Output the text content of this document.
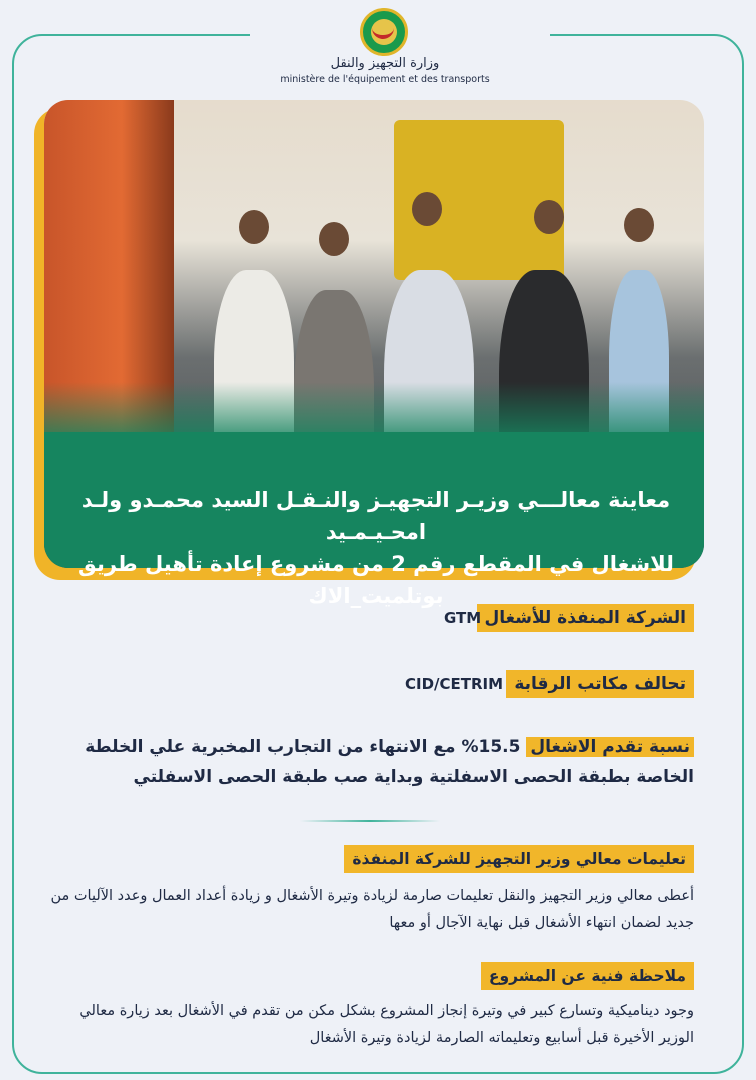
وزارة التجهيز والنقل
ministère de l'équipement et des transports
معاينة معالـــي وزيـر التجهيـز والنـقـل السيد محمـدو ولـد امحـيـمـيد
للاشغال في المقطع رقم 2 من مشروع إعادة تأهيل طريق بوتلميت_الاك
الشركة المنفذة للأشغال
GTM
تحالف مكاتب الرقابة
CID/CETRIM
نسبة تقدم الاشغال 15.5% مع الانتهاء من التجارب المخبرية علي الخلطة الخاصة بطبقة الحصى الاسفلتية وبداية صب طبقة الحصى الاسفلتي
تعليمات معالي وزير التجهيز للشركة المنفذة
أعطى معالي وزير التجهيز والنقل تعليمات صارمة لزيادة وتيرة الأشغال و زيادة أعداد العمال وعدد الآليات من جديد لضمان انتهاء الأشغال قبل نهاية الآجال أو معها
ملاحظة فنية عن المشروع
وجود ديناميكية وتسارع كبير في وتيرة إنجاز المشروع بشكل مكن من تقدم في الأشغال بعد زيارة معالي الوزير الأخيرة قبل أسابيع وتعليماته الصارمة لزيادة وتيرة الأشغال
